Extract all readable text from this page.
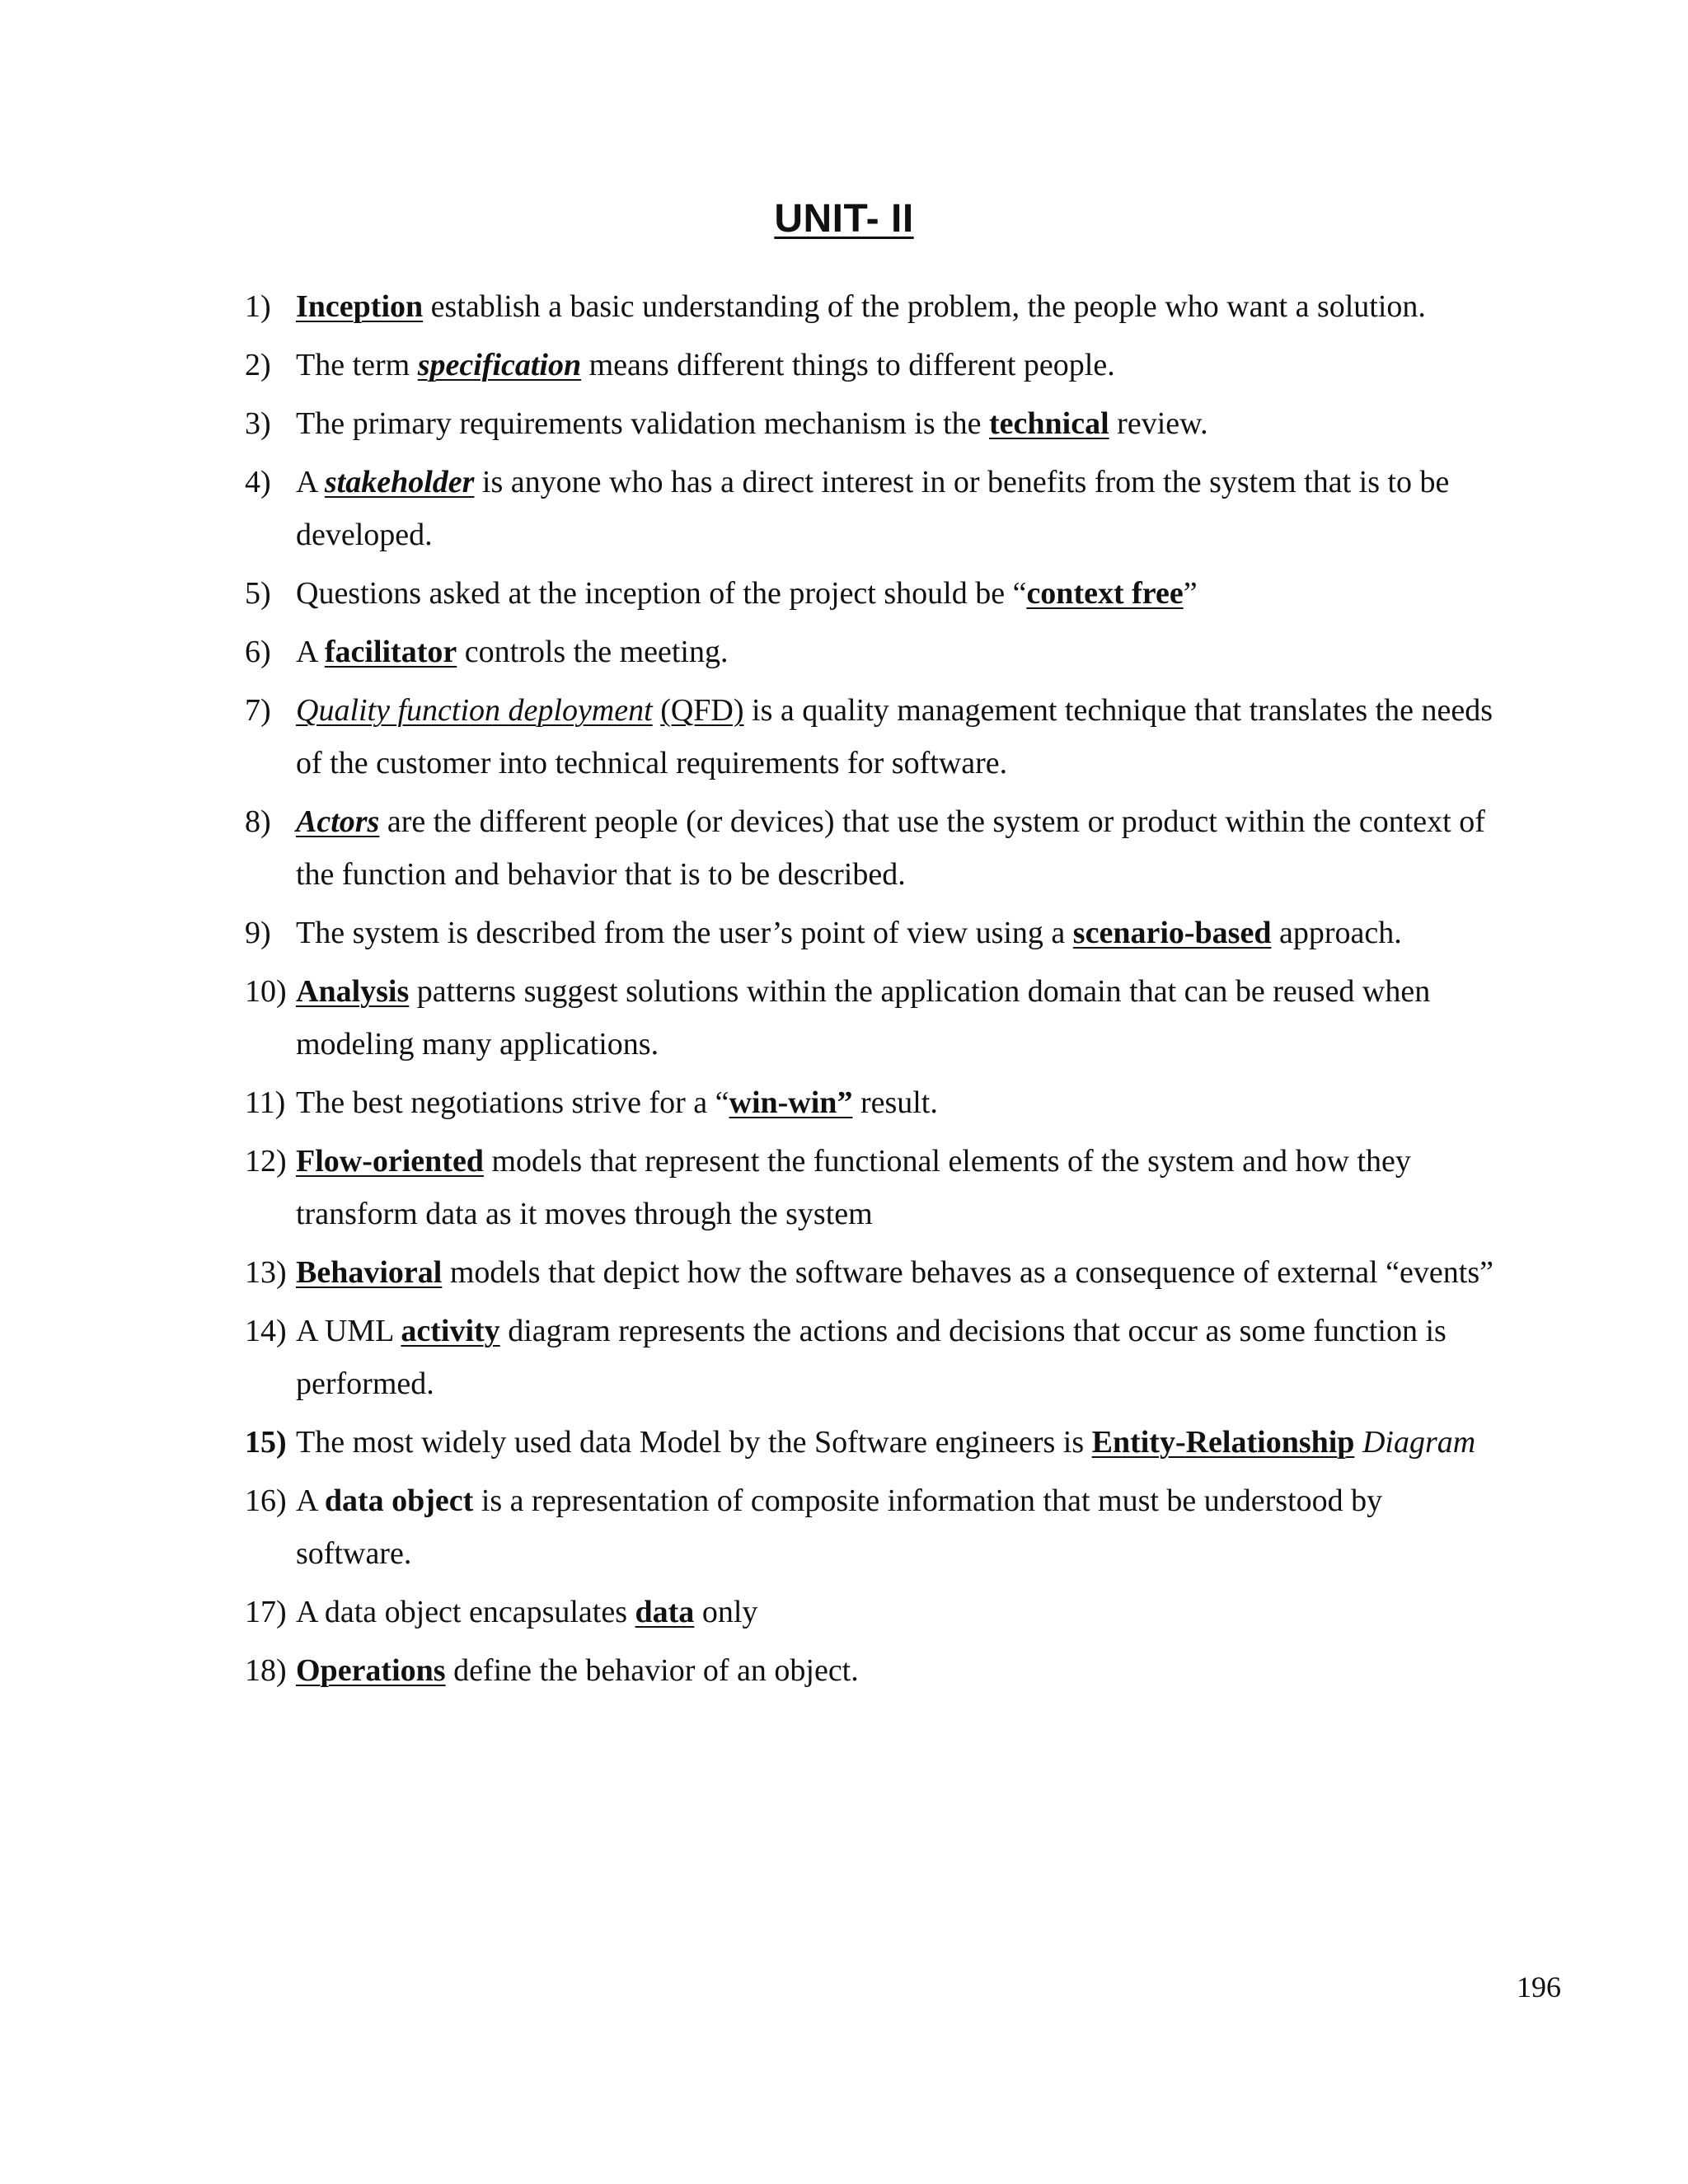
UNIT- II
1) Inception establish a basic understanding of the problem, the people who want a solution.
2) The term specification means different things to different people.
3) The primary requirements validation mechanism is the technical review.
4) A stakeholder is anyone who has a direct interest in or benefits from the system that is to be developed.
5) Questions asked at the inception of the project should be “context free”
6) A facilitator controls the meeting.
7) Quality function deployment (QFD) is a quality management technique that translates the needs of the customer into technical requirements for software.
8) Actors are the different people (or devices) that use the system or product within the context of the function and behavior that is to be described.
9) The system is described from the user’s point of view using a scenario-based approach.
10) Analysis patterns suggest solutions within the application domain that can be reused when modeling many applications.
11) The best negotiations strive for a “win-win” result.
12) Flow-oriented models that represent the functional elements of the system and how they transform data as it moves through the system
13) Behavioral models that depict how the software behaves as a consequence of external “events”
14) A UML activity diagram represents the actions and decisions that occur as some function is performed.
15) The most widely used data Model by the Software engineers is Entity-Relationship Diagram
16) A data object is a representation of composite information that must be understood by software.
17) A data object encapsulates data only
18) Operations define the behavior of an object.
196
